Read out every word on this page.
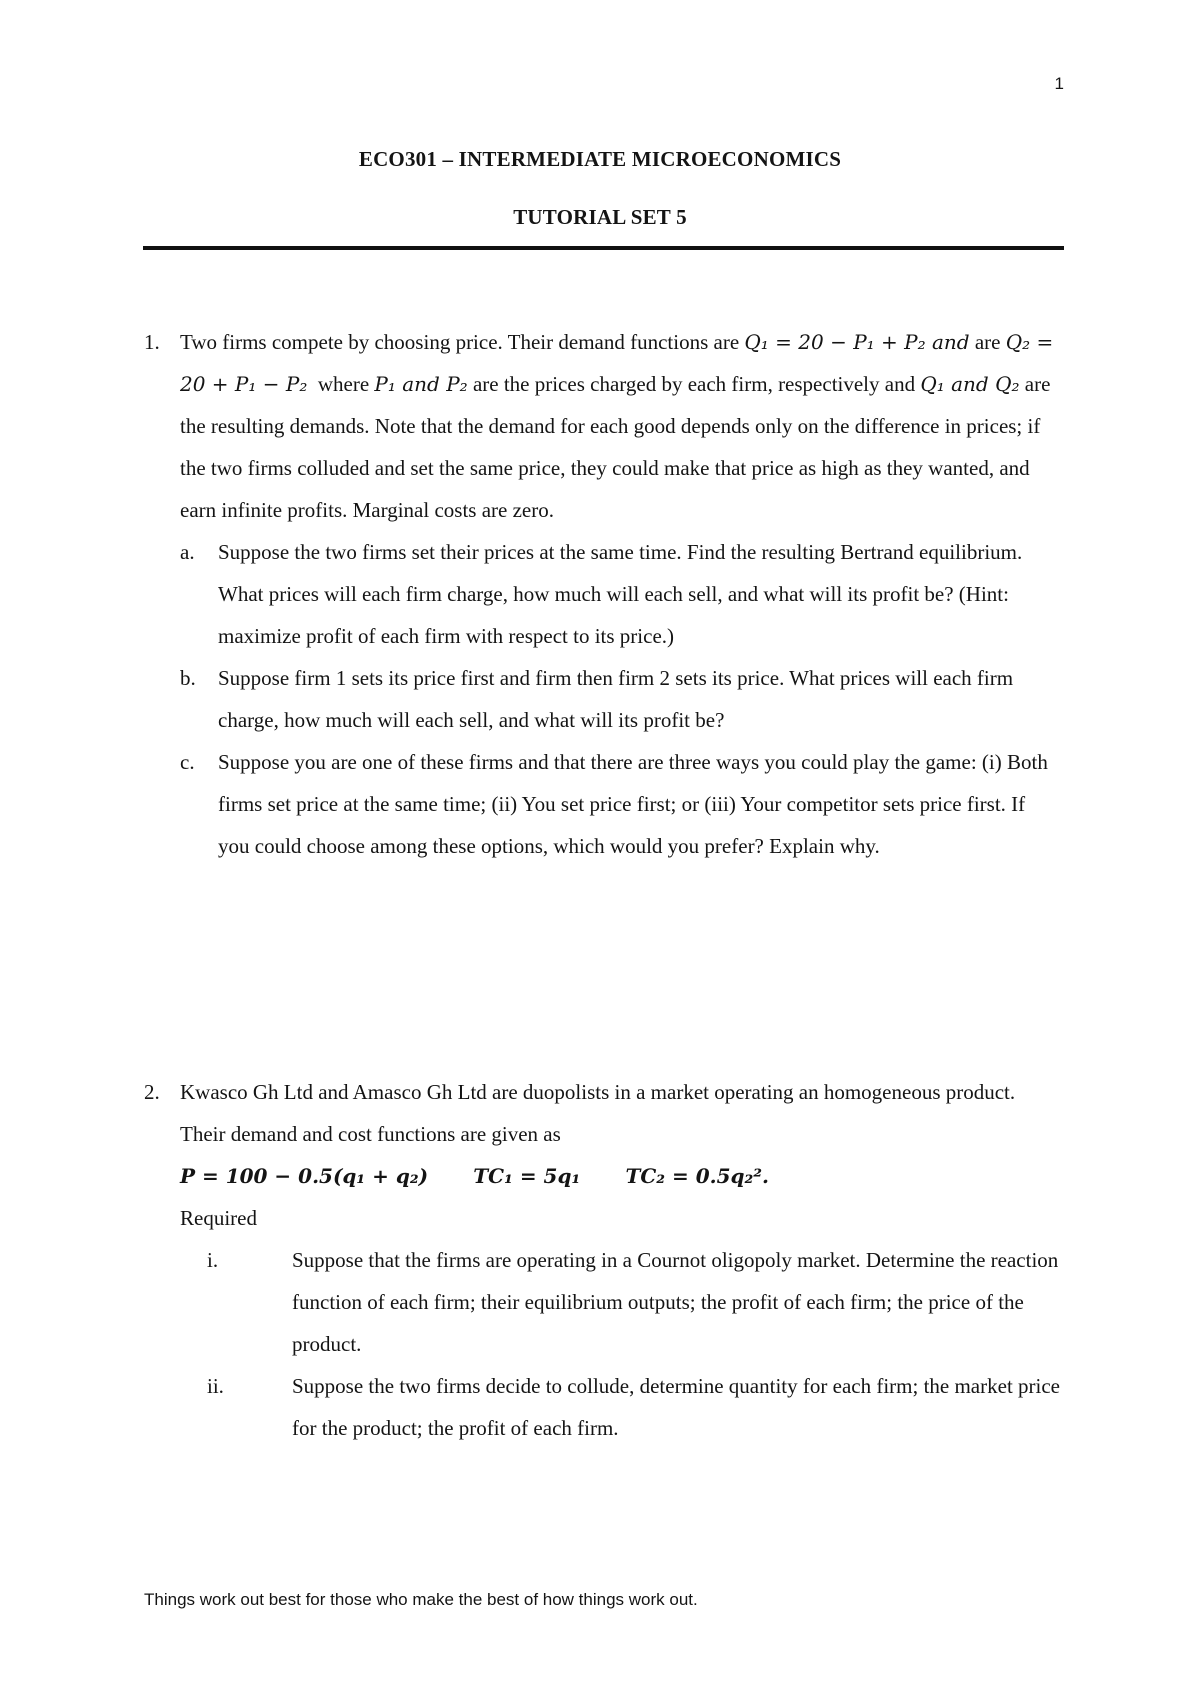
1
ECO301 – INTERMEDIATE MICROECONOMICS
TUTORIAL SET 5
1. Two firms compete by choosing price. Their demand functions are Q₁ = 20 − P₁ + P₂ and are Q₂ = 20 + P₁ − P₂ where P₁ and P₂ are the prices charged by each firm, respectively and Q₁ and Q₂ are the resulting demands. Note that the demand for each good depends only on the difference in prices; if the two firms colluded and set the same price, they could make that price as high as they wanted, and earn infinite profits. Marginal costs are zero.

a. Suppose the two firms set their prices at the same time. Find the resulting Bertrand equilibrium. What prices will each firm charge, how much will each sell, and what will its profit be? (Hint: maximize profit of each firm with respect to its price.)
b. Suppose firm 1 sets its price first and firm then firm 2 sets its price. What prices will each firm charge, how much will each sell, and what will its profit be?
c. Suppose you are one of these firms and that there are three ways you could play the game: (i) Both firms set price at the same time; (ii) You set price first; or (iii) Your competitor sets price first. If you could choose among these options, which would you prefer? Explain why.
2. Kwasco Gh Ltd and Amasco Gh Ltd are duopolists in a market operating an homogeneous product. Their demand and cost functions are given as

P = 100 − 0.5(q₁ + q₂) TC₁ = 5q₁ TC₂ = 0.5q₂².

Required

i.	Suppose that the firms are operating in a Cournot oligopoly market. Determine the reaction function of each firm; their equilibrium outputs; the profit of each firm; the price of the product.
ii.	Suppose the two firms decide to collude, determine quantity for each firm; the market price for the product; the profit of each firm.
Things work out best for those who make the best of how things work out.
